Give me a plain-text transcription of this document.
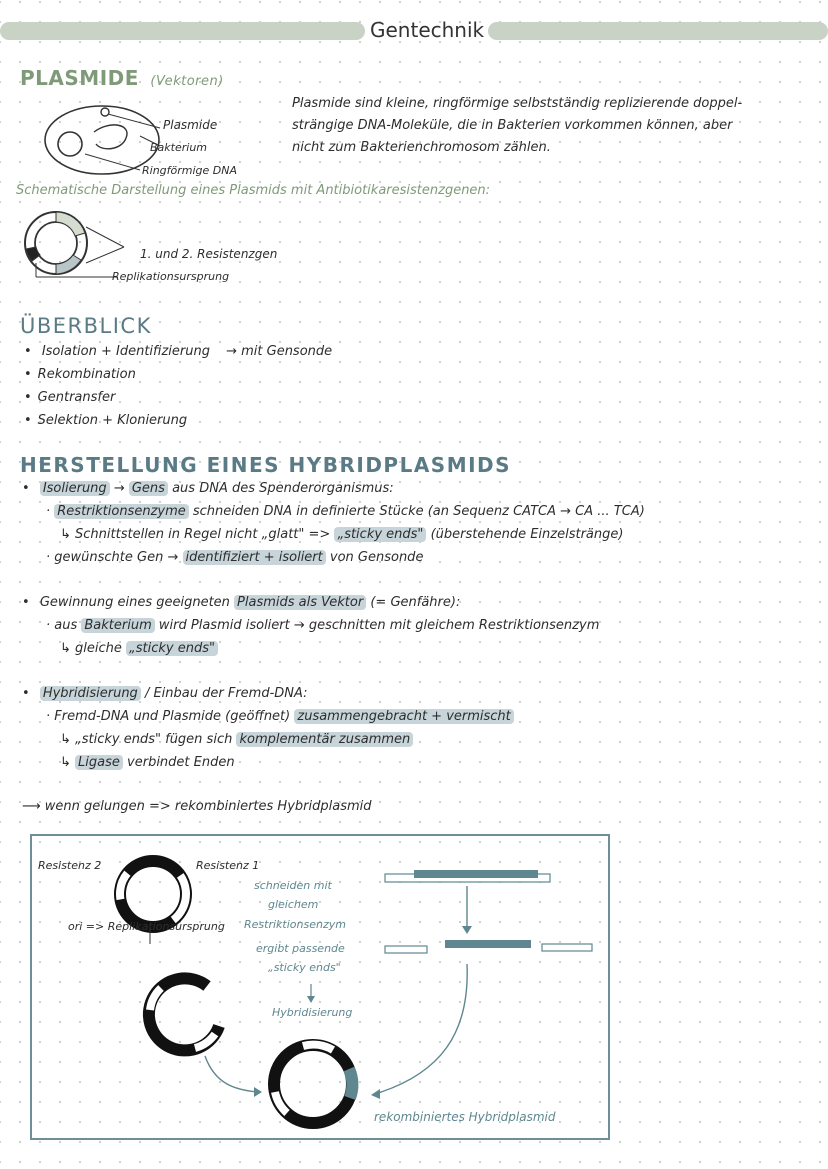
Gentechnik
PLASMIDE (Vektoren)
Plasmide
Bakterium
Ringförmige DNA
Plasmide sind kleine, ringförmige selbstständig replizierende doppel-
strängige DNA-Moleküle, die in Bakterien vorkommen können, aber
nicht zum Bakterienchromosom zählen.
Schematische Darstellung eines Plasmids mit Antibiotikaresistenzgenen:
1. und 2. Resistenzgen
Replikationsursprung
ÜBERBLICK
• Isolation + Identifizierung → mit Gensonde
• Rekombination
• Gentransfer
• Selektion + Klonierung
HERSTELLUNG EINES HYBRIDPLASMIDS
• Isolierung → Gens aus DNA des Spenderorganismus:
· Restriktionsenzyme schneiden DNA in definierte Stücke (an Sequenz CATCA → CA ... TCA)
↳ Schnittstellen in Regel nicht „glatt" => „sticky ends" (überstehende Einzelstränge)
· gewünschte Gen → identifiziert + isoliert von Gensonde
• Gewinnung eines geeigneten Plasmids als Vektor (= Genfähre):
· aus Bakterium wird Plasmid isoliert → geschnitten mit gleichem Restriktionsenzym
↳ gleiche „sticky ends"
• Hybridisierung / Einbau der Fremd-DNA:
· Fremd-DNA und Plasmide (geöffnet) zusammengebracht + vermischt
↳ „sticky ends" fügen sich komplementär zusammen
↳ Ligase verbindet Enden
⟶ wenn gelungen => rekombiniertes Hybridplasmid
Resistenz 2	Resistenz 1
ori => Replikationsursprung
schneiden mit
gleichem
Restriktionsenzym
ergibt passende
„sticky ends"
Hybridisierung
rekombiniertes Hybridplasmid
